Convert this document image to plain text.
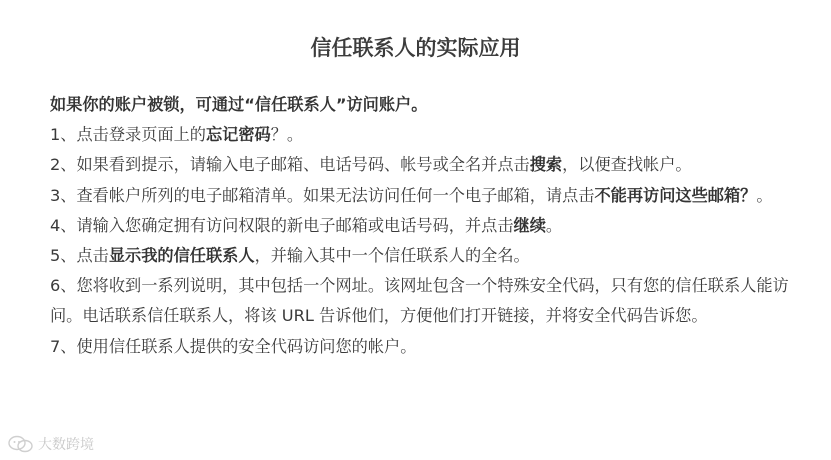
信任联系人的实际应用

如果你的账户被锁，可通过“信任联系人”访问账户。

1、点击登录页面上的忘记密码？。

2、如果看到提示，请输入电子邮箱、电话号码、帐号或全名并点击搜索，以便查找帐户。

3、查看帐户所列的电子邮箱清单。如果无法访问任何一个电子邮箱，请点击不能再访问这些邮箱？。

4、请输入您确定拥有访问权限的新电子邮箱或电话号码，并点击继续。

5、点击显示我的信任联系人，并输入其中一个信任联系人的全名。

6、您将收到一系列说明，其中包括一个网址。该网址包含一个特殊安全代码，只有您的信任联系人能访问。电话联系信任联系人，将该 URL 告诉他们，方便他们打开链接，并将安全代码告诉您。

7、使用信任联系人提供的安全代码访问您的帐户。

大数跨境
